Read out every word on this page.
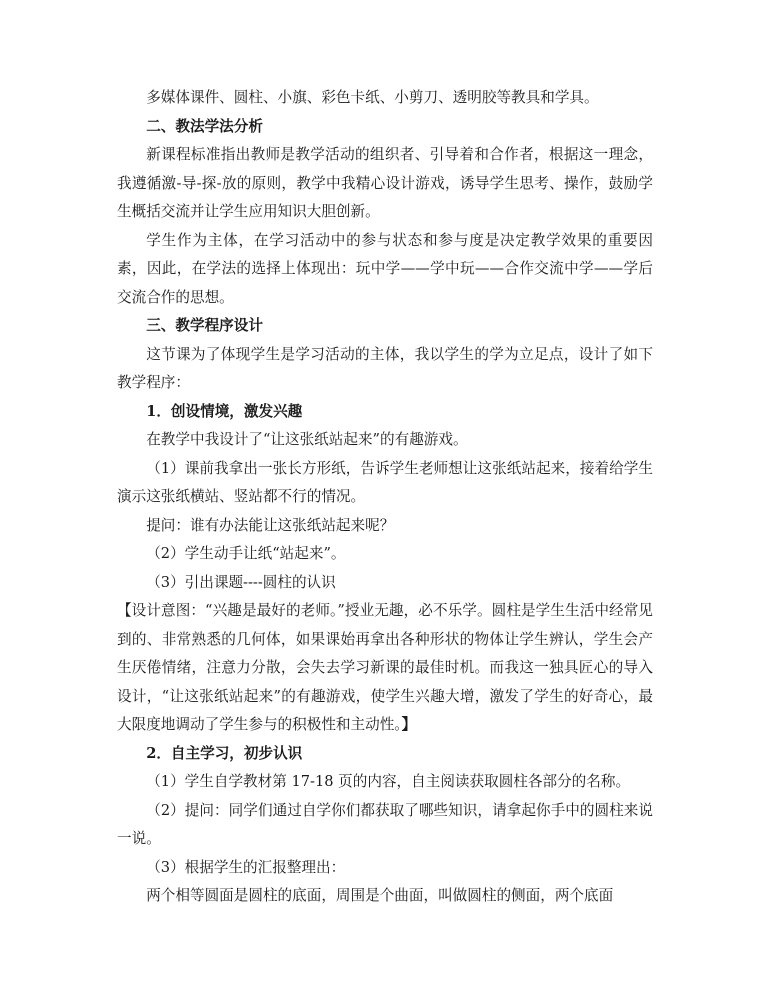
多媒体课件、圆柱、小旗、彩色卡纸、小剪刀、透明胶等教具和学具。

二、教法学法分析

新课程标准指出教师是教学活动的组织者、引导着和合作者，根据这一理念，我遵循激-导-探-放的原则，教学中我精心设计游戏，诱导学生思考、操作，鼓励学生概括交流并让学生应用知识大胆创新。

学生作为主体，在学习活动中的参与状态和参与度是决定教学效果的重要因素，因此，在学法的选择上体现出：玩中学——学中玩——合作交流中学——学后交流合作的思想。

三、教学程序设计

这节课为了体现学生是学习活动的主体，我以学生的学为立足点，设计了如下教学程序：

1．创设情境，激发兴趣

在教学中我设计了“让这张纸站起来”的有趣游戏。

（1）课前我拿出一张长方形纸，告诉学生老师想让这张纸站起来，接着给学生演示这张纸横站、竖站都不行的情况。

提问：谁有办法能让这张纸站起来呢？

（2）学生动手让纸“站起来”。

（3）引出课题----圆柱的认识

【设计意图：“兴趣是最好的老师。”授业无趣，必不乐学。圆柱是学生生活中经常见到的、非常熟悉的几何体，如果课始再拿出各种形状的物体让学生辨认，学生会产生厌倦情绪，注意力分散，会失去学习新课的最佳时机。而我这一独具匠心的导入设计，“让这张纸站起来”的有趣游戏，使学生兴趣大增，激发了学生的好奇心，最大限度地调动了学生参与的积极性和主动性。】

2．自主学习，初步认识

（1）学生自学教材第 17-18 页的内容，自主阅读获取圆柱各部分的名称。

（2）提问：同学们通过自学你们都获取了哪些知识，请拿起你手中的圆柱来说一说。

（3）根据学生的汇报整理出：

两个相等圆面是圆柱的底面，周围是个曲面，叫做圆柱的侧面，两个底面
